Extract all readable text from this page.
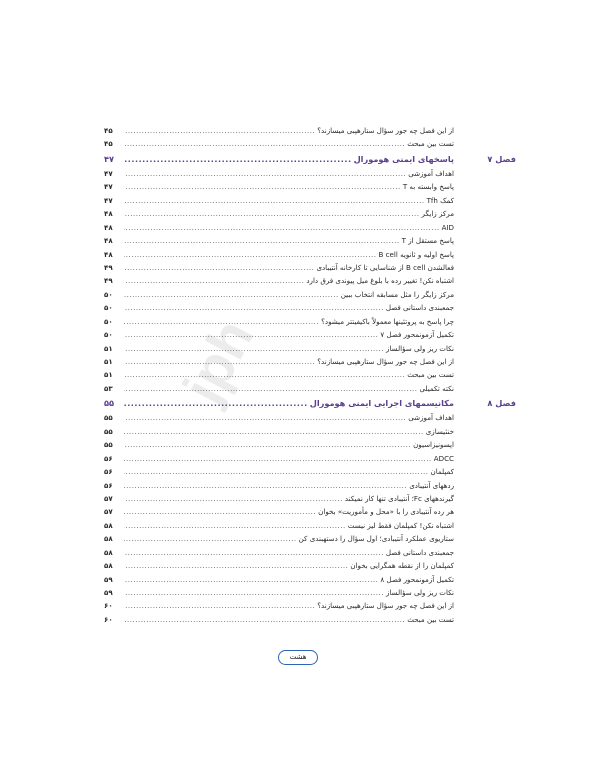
jph
از این فصل چه جور سؤال ستارهپبی میسازند؟
.....
۴۵
تست بین مبحث
.....
۴۵
فصل ۷
پاسخهای ایمنی هومورال
.....
۴۷
اهداف آموزشی
.....
۴۷
پاسخ وابسته به T
.....
۴۷
کمک Tfh
.....
۴۷
مرکز زایگر
.....
۴۸
AID
.....
۴۸
پاسخ مستقل از T
.....
۴۸
پاسخ اولیه و ثانویه B cell
.....
۴۸
فعالشدن B cell از شناسایی تا کارخانه آنتیبادی
.....
۴۹
اشتباه نکن! تغییر رده با بلوغ میل پیوندی فرق دارد
.....
۴۹
مرکز زایگر را مثل مسابقه انتخاب ببین
.....
۵۰
جمعبندی داستانی فصل
.....
۵۰
چرا پاسخ به پروتئینها معمولاً باکیفیتتر میشود؟
.....
۵۰
تکمیل آزمونمحور فصل ۷
.....
۵۰
نکات ریز ولی سؤالساز
.....
۵۱
از این فصل چه جور سؤال ستارهپبی میسازند؟
.....
۵۱
تست بین مبحث
.....
۵۱
نکته تکمیلی
.....
۵۳
فصل ۸
مکانیسمهای اجرایی ایمنی هومورال
.....
۵۵
اهداف آموزشی
.....
۵۵
خنثیسازی
.....
۵۵
اپسونیزاسیون
.....
۵۵
ADCC
.....
۵۶
کمپلمان
.....
۵۶
ردههای آنتیبادی
.....
۵۶
گیرندههای Fc؛ آنتیبادی تنها کار نمیکند
.....
۵۷
هر رده آنتیبادی را با «محل و مأموریت» بخوان
.....
۵۷
اشتباه نکن! کمپلمان فقط لیز نیست
.....
۵۸
ستاریوی عملکرد آنتیبادی؛ اول سؤال را دستهبندی کن
.....
۵۸
جمعبندی داستانی فصل
.....
۵۸
کمپلمان را از نقطه همگرایی بخوان
.....
۵۸
تکمیل آزمونمحور فصل ۸
.....
۵۹
نکات ریز ولی سؤالساز
.....
۵۹
از این فصل چه جور سؤال ستارهپبی میسازند؟
.....
۶۰
تست بین مبحث
.....
۶۰
هشت
